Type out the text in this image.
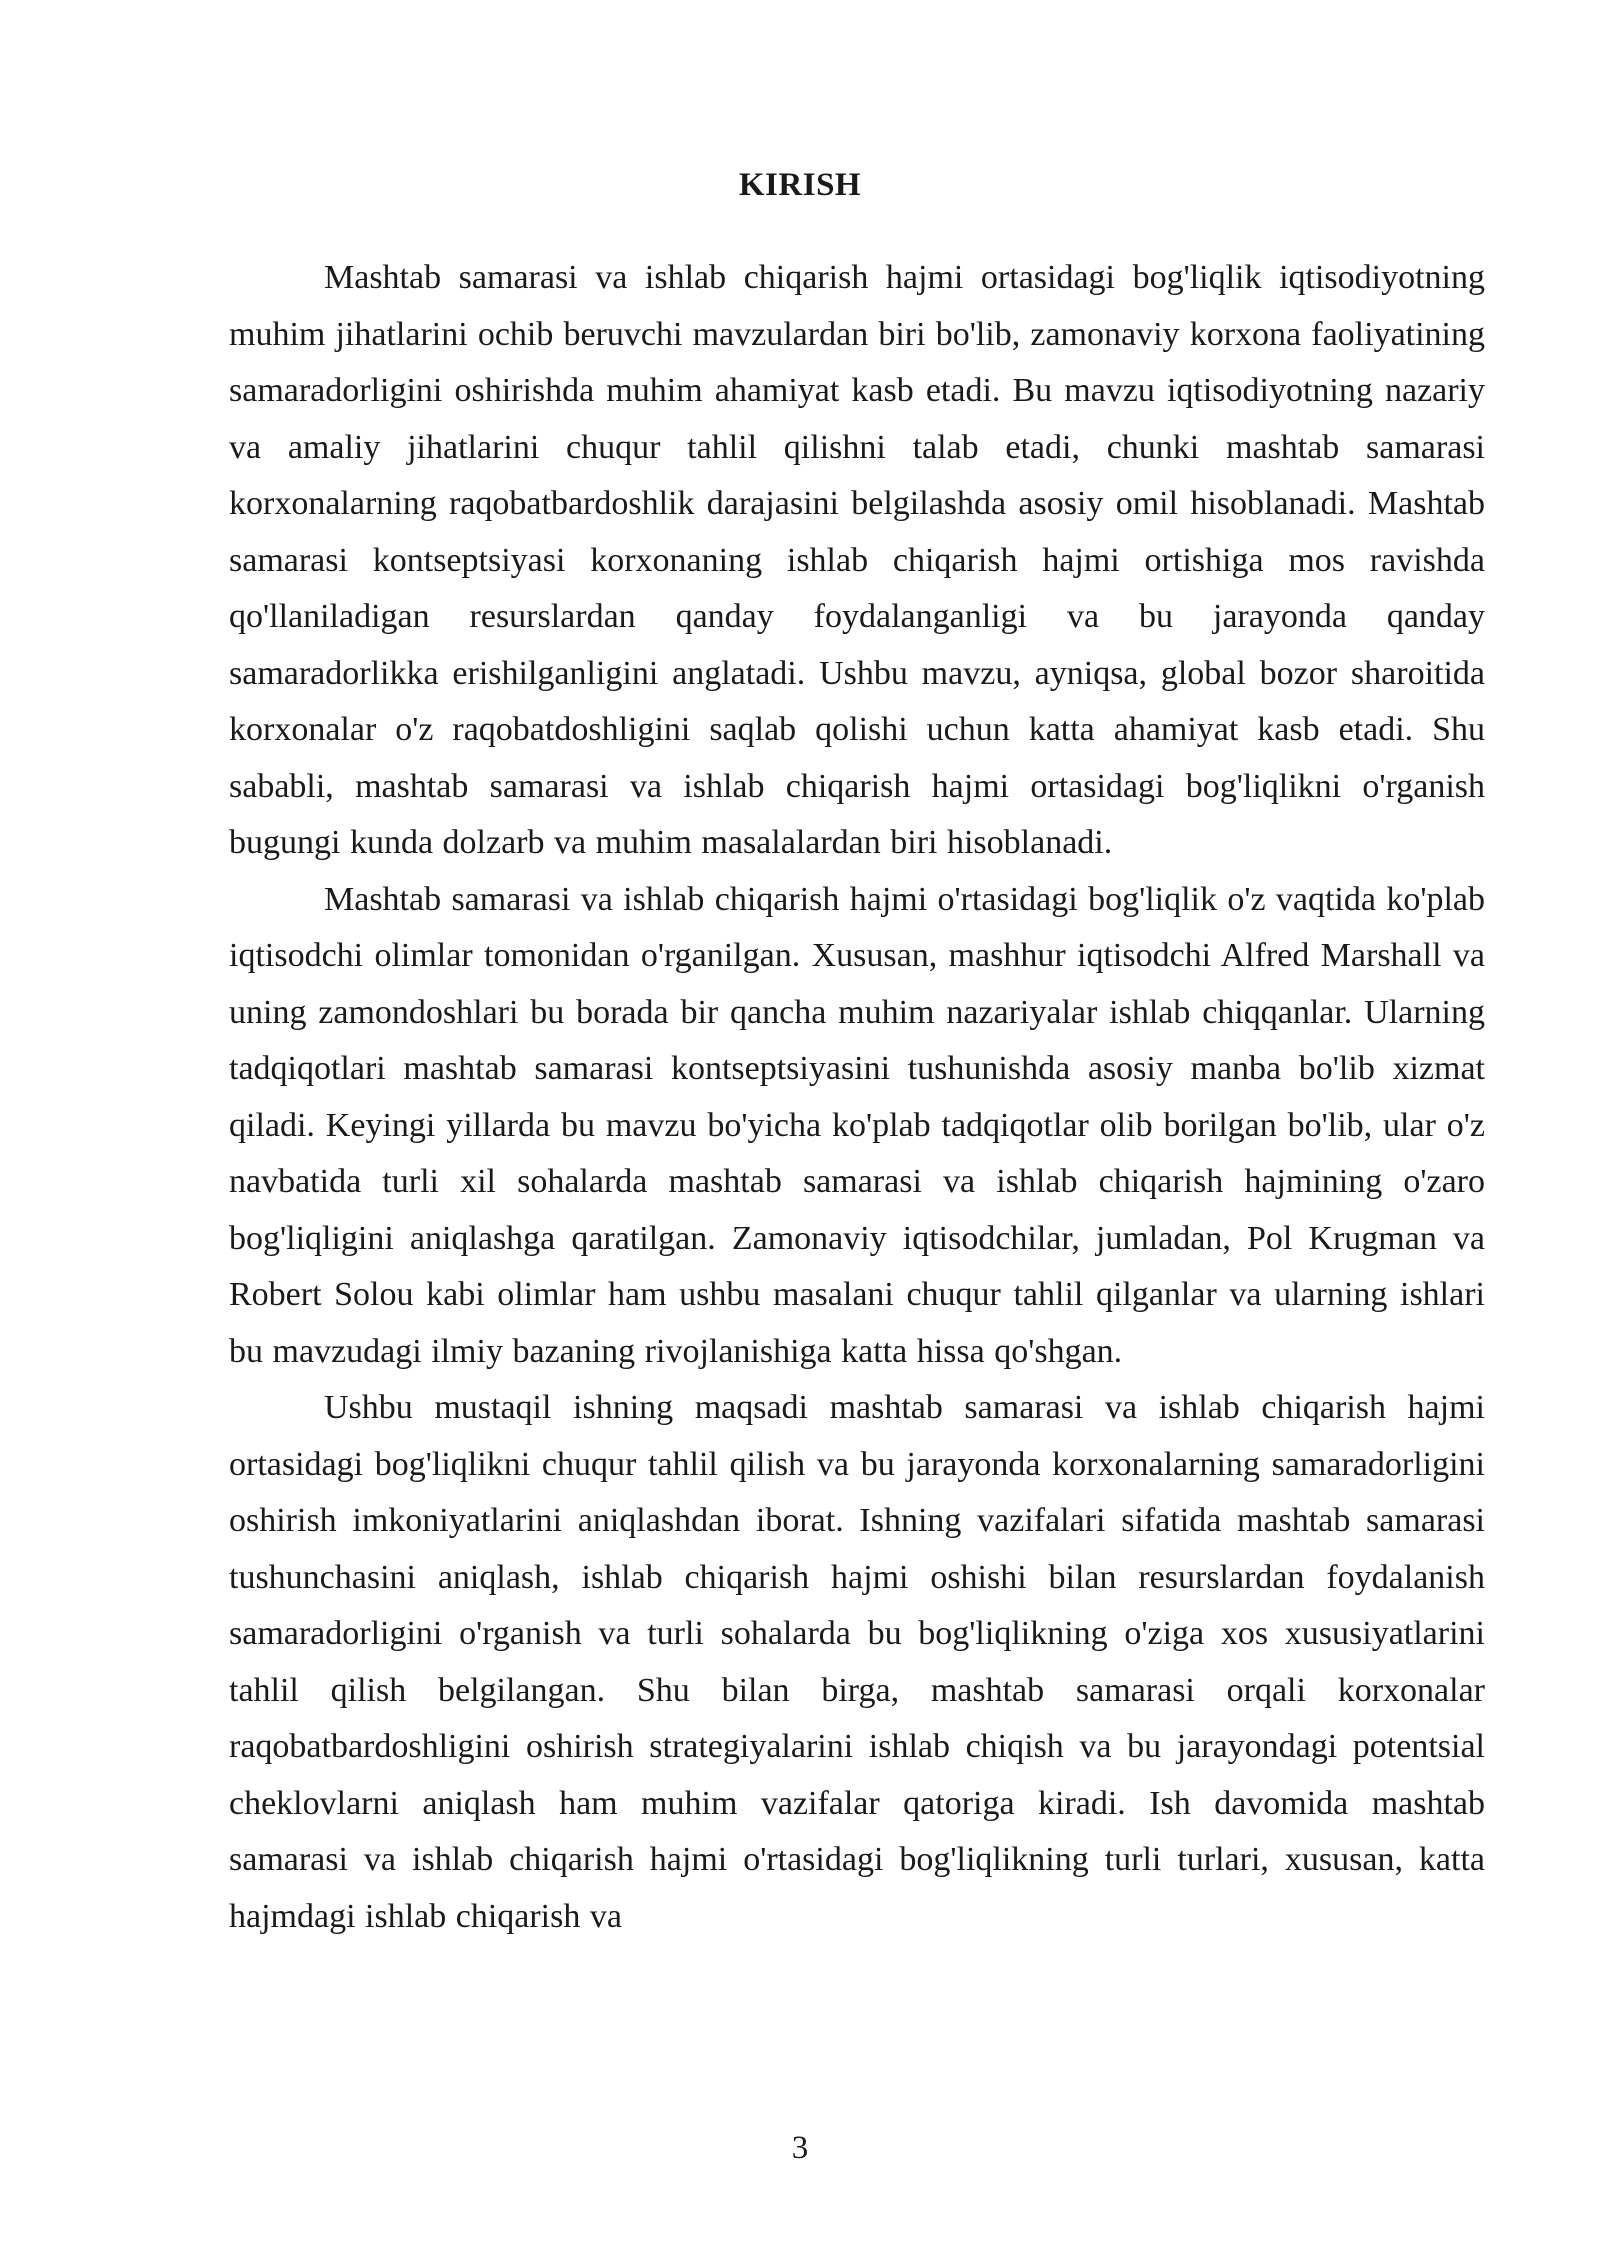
KIRISH

Mashtab samarasi va ishlab chiqarish hajmi ortasidagi bog'liqlik iqtisodiyotning muhim jihatlarini ochib beruvchi mavzulardan biri bo'lib, zamonaviy korxona faoliyatining samaradorligini oshirishda muhim ahamiyat kasb etadi. Bu mavzu iqtisodiyotning nazariy va amaliy jihatlarini chuqur tahlil qilishni talab etadi, chunki mashtab samarasi korxonalarning raqobatbardoshlik darajasini belgilashda asosiy omil hisoblanadi. Mashtab samarasi kontseptsiyasi korxonaning ishlab chiqarish hajmi ortishiga mos ravishda qo'llaniladigan resurslardan qanday foydalanganligi va bu jarayonda qanday samaradorlikka erishilganligini anglatadi. Ushbu mavzu, ayniqsa, global bozor sharoitida korxonalar o'z raqobatdoshligini saqlab qolishi uchun katta ahamiyat kasb etadi. Shu sababli, mashtab samarasi va ishlab chiqarish hajmi ortasidagi bog'liqlikni o'rganish bugungi kunda dolzarb va muhim masalalardan biri hisoblanadi.

Mashtab samarasi va ishlab chiqarish hajmi o'rtasidagi bog'liqlik o'z vaqtida ko'plab iqtisodchi olimlar tomonidan o'rganilgan. Xususan, mashhur iqtisodchi Alfred Marshall va uning zamondoshlari bu borada bir qancha muhim nazariyalar ishlab chiqqanlar. Ularning tadqiqotlari mashtab samarasi kontseptsiyasini tushunishda asosiy manba bo'lib xizmat qiladi. Keyingi yillarda bu mavzu bo'yicha ko'plab tadqiqotlar olib borilgan bo'lib, ular o'z navbatida turli xil sohalarda mashtab samarasi va ishlab chiqarish hajmining o'zaro bog'liqligini aniqlashga qaratilgan. Zamonaviy iqtisodchilar, jumladan, Pol Krugman va Robert Solou kabi olimlar ham ushbu masalani chuqur tahlil qilganlar va ularning ishlari bu mavzudagi ilmiy bazaning rivojlanishiga katta hissa qo'shgan.

Ushbu mustaqil ishning maqsadi mashtab samarasi va ishlab chiqarish hajmi ortasidagi bog'liqlikni chuqur tahlil qilish va bu jarayonda korxonalarning samaradorligini oshirish imkoniyatlarini aniqlashdan iborat. Ishning vazifalari sifatida mashtab samarasi tushunchasini aniqlash, ishlab chiqarish hajmi oshishi bilan resurslardan foydalanish samaradorligini o'rganish va turli sohalarda bu bog'liqlikning o'ziga xos xususiyatlarini tahlil qilish belgilangan. Shu bilan birga, mashtab samarasi orqali korxonalar raqobatbardoshligini oshirish strategiyalarini ishlab chiqish va bu jarayondagi potentsial cheklovlarni aniqlash ham muhim vazifalar qatoriga kiradi. Ish davomida mashtab samarasi va ishlab chiqarish hajmi o'rtasidagi bog'liqlikning turli turlari, xususan, katta hajmdagi ishlab chiqarish va

3
